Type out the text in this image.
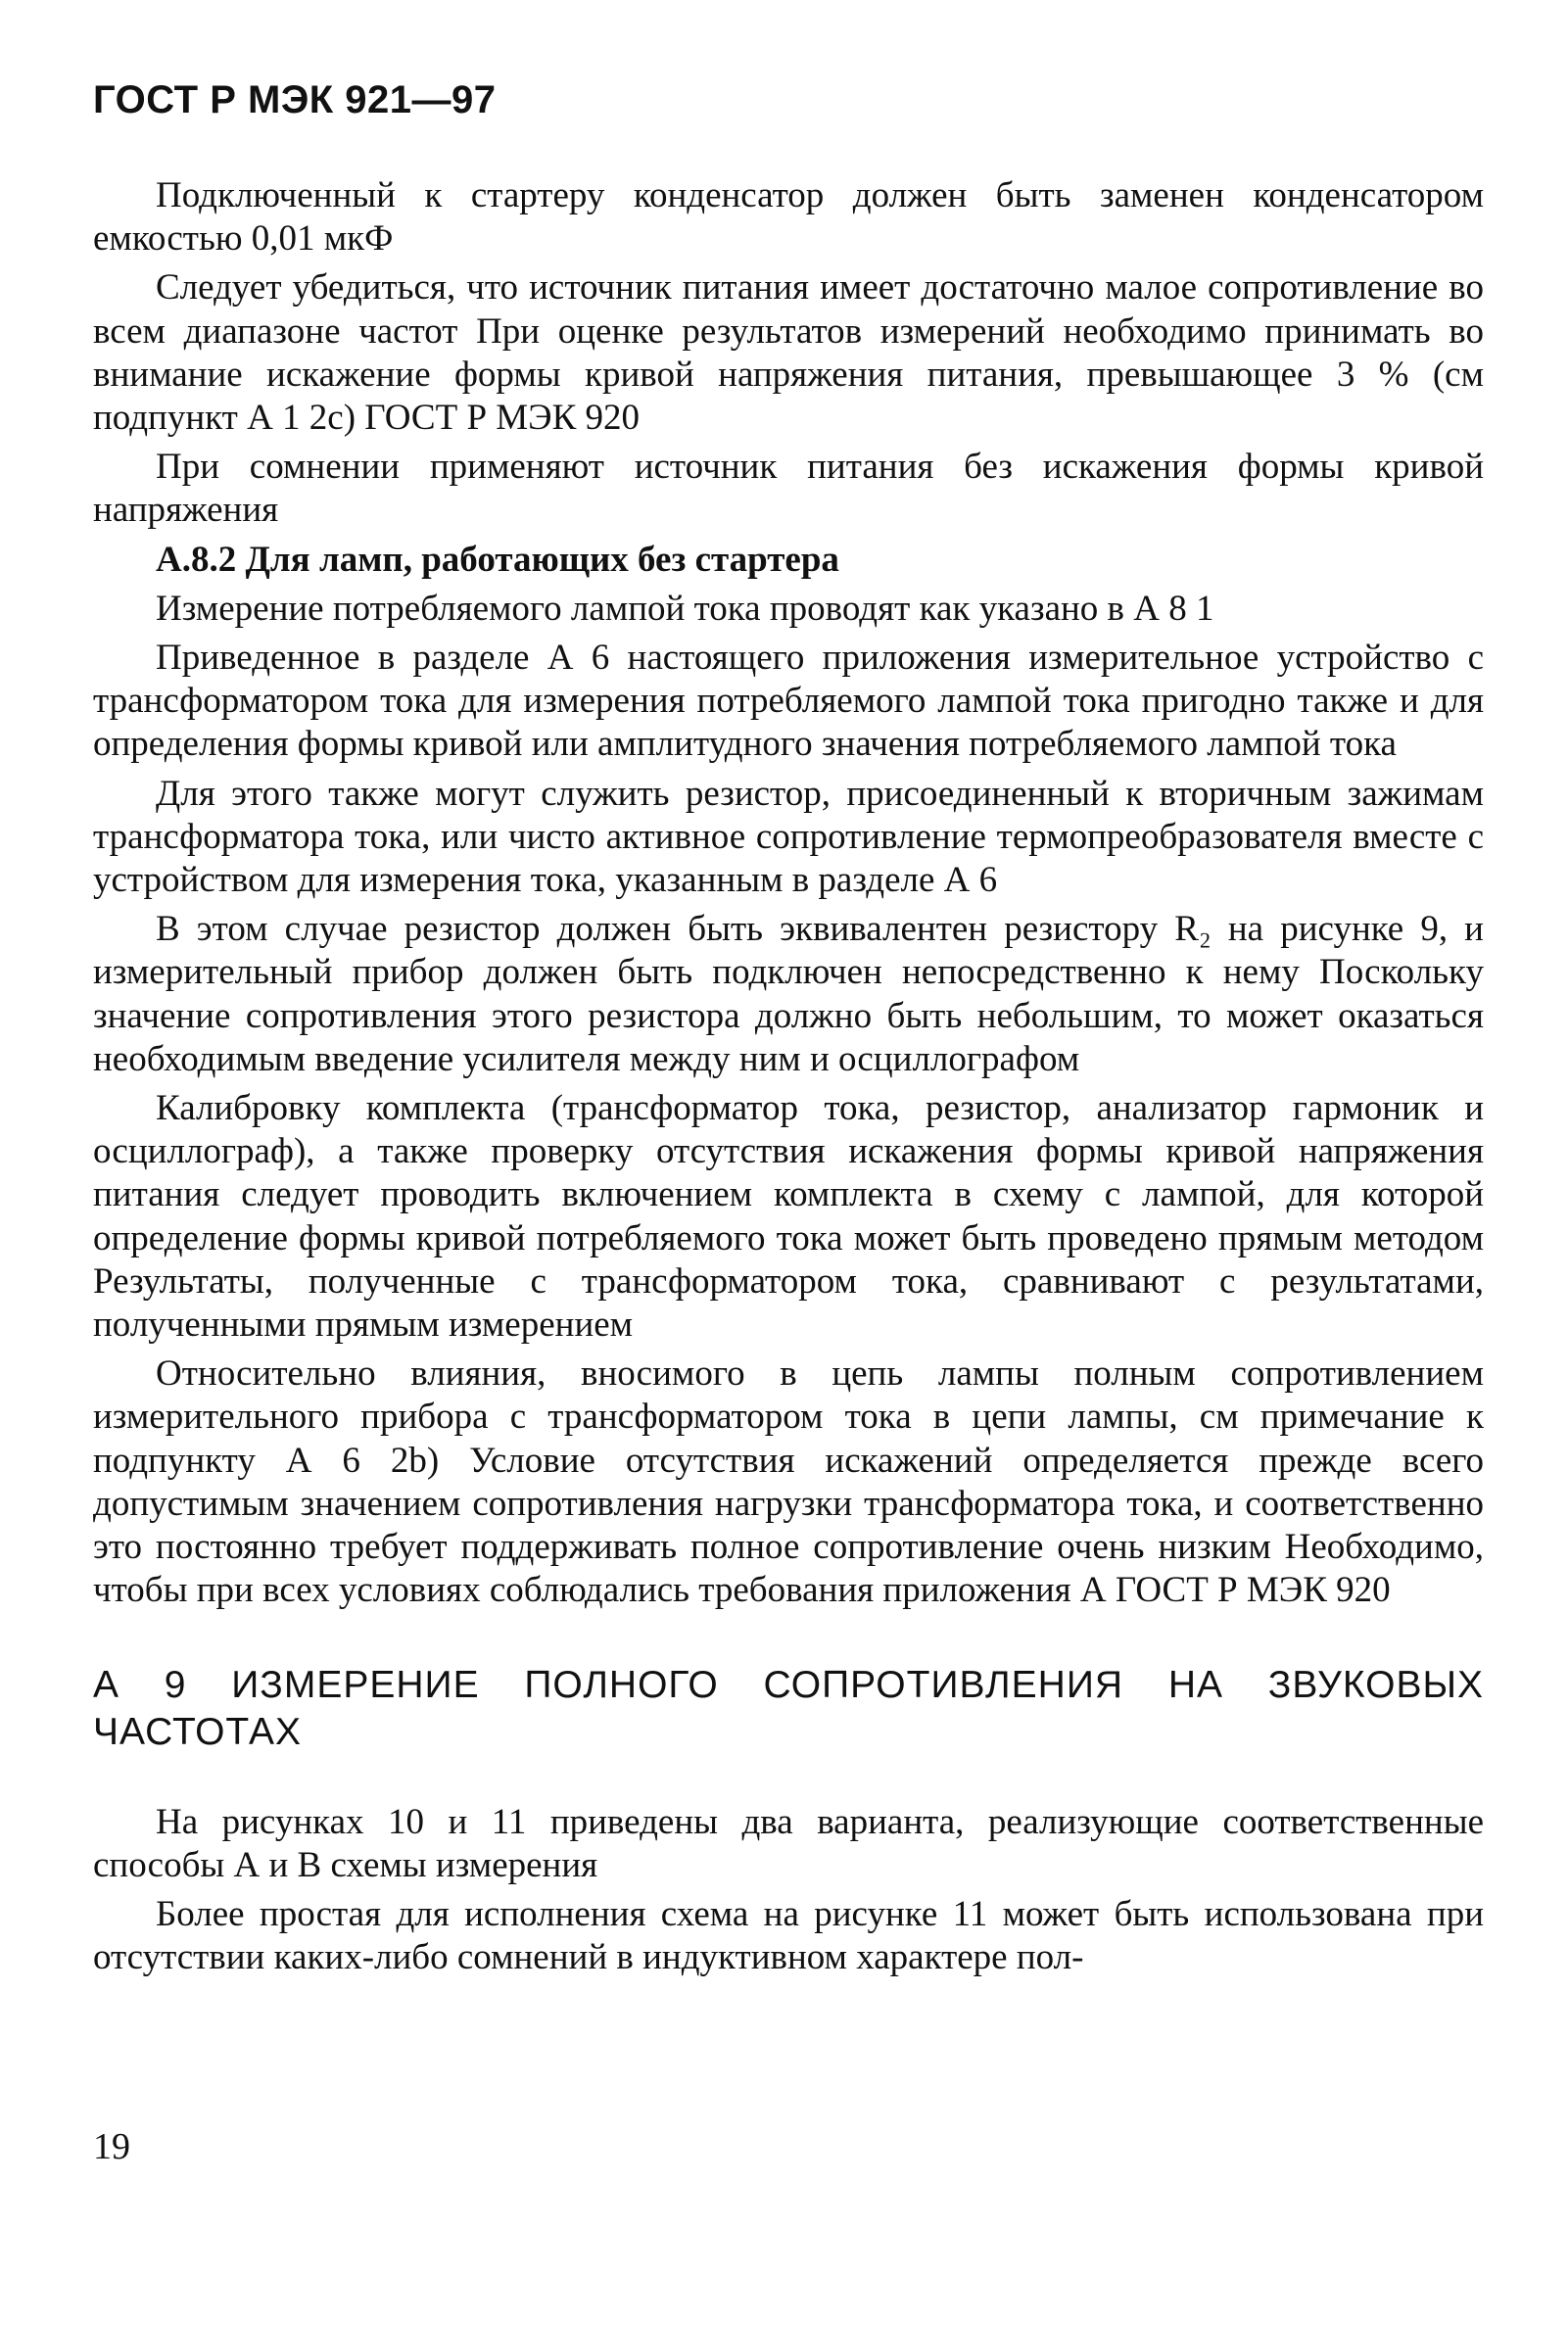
ГОСТ Р МЭК 921—97

Подключенный к стартеру конденсатор должен быть заменен конденсатором емкостью 0,01 мкФ

Следует убедиться, что источник питания имеет достаточно малое сопротивление во всем диапазоне частот При оценке результатов измерений необходимо принимать во внимание искажение формы кривой напряжения питания, превышающее 3 % (см подпункт А 1 2с) ГОСТ Р МЭК 920

При сомнении применяют источник питания без искажения формы кривой напряжения

А.8.2 Для ламп, работающих без стартера

Измерение потребляемого лампой тока проводят как указано в А 8 1

Приведенное в разделе А 6 настоящего приложения измерительное устройство с трансформатором тока для измерения потребляемого лампой тока пригодно также и для определения формы кривой или амплитудного значения потребляемого лампой тока

Для этого также могут служить резистор, присоединенный к вторичным зажимам трансформатора тока, или чисто активное сопротивление термопреобразователя вместе с устройством для измерения тока, указанным в разделе А 6

В этом случае резистор должен быть эквивалентен резистору R₂ на рисунке 9, и измерительный прибор должен быть подключен непосредственно к нему Поскольку значение сопротивления этого резистора должно быть небольшим, то может оказаться необходимым введение усилителя между ним и осциллографом

Калибровку комплекта (трансформатор тока, резистор, анализатор гармоник и осциллограф), а также проверку отсутствия искажения формы кривой напряжения питания следует проводить включением комплекта в схему с лампой, для которой определение формы кривой потребляемого тока может быть проведено прямым методом Результаты, полученные с трансформатором тока, сравнивают с результатами, полученными прямым измерением

Относительно влияния, вносимого в цепь лампы полным сопротивлением измерительного прибора с трансформатором тока в цепи лампы, см примечание к подпункту А 6 2b) Условие отсутствия искажений определяется прежде всего допустимым значением сопротивления нагрузки трансформатора тока, и соответственно это постоянно требует поддерживать полное сопротивление очень низким Необходимо, чтобы при всех условиях соблюдались требования приложения А ГОСТ Р МЭК 920

А 9 ИЗМЕРЕНИЕ ПОЛНОГО СОПРОТИВЛЕНИЯ НА ЗВУКОВЫХ ЧАСТОТАХ

На рисунках 10 и 11 приведены два варианта, реализующие соответственные способы А и В схемы измерения

Более простая для исполнения схема на рисунке 11 может быть использована при отсутствии каких-либо сомнений в индуктивном характере пол-

19
